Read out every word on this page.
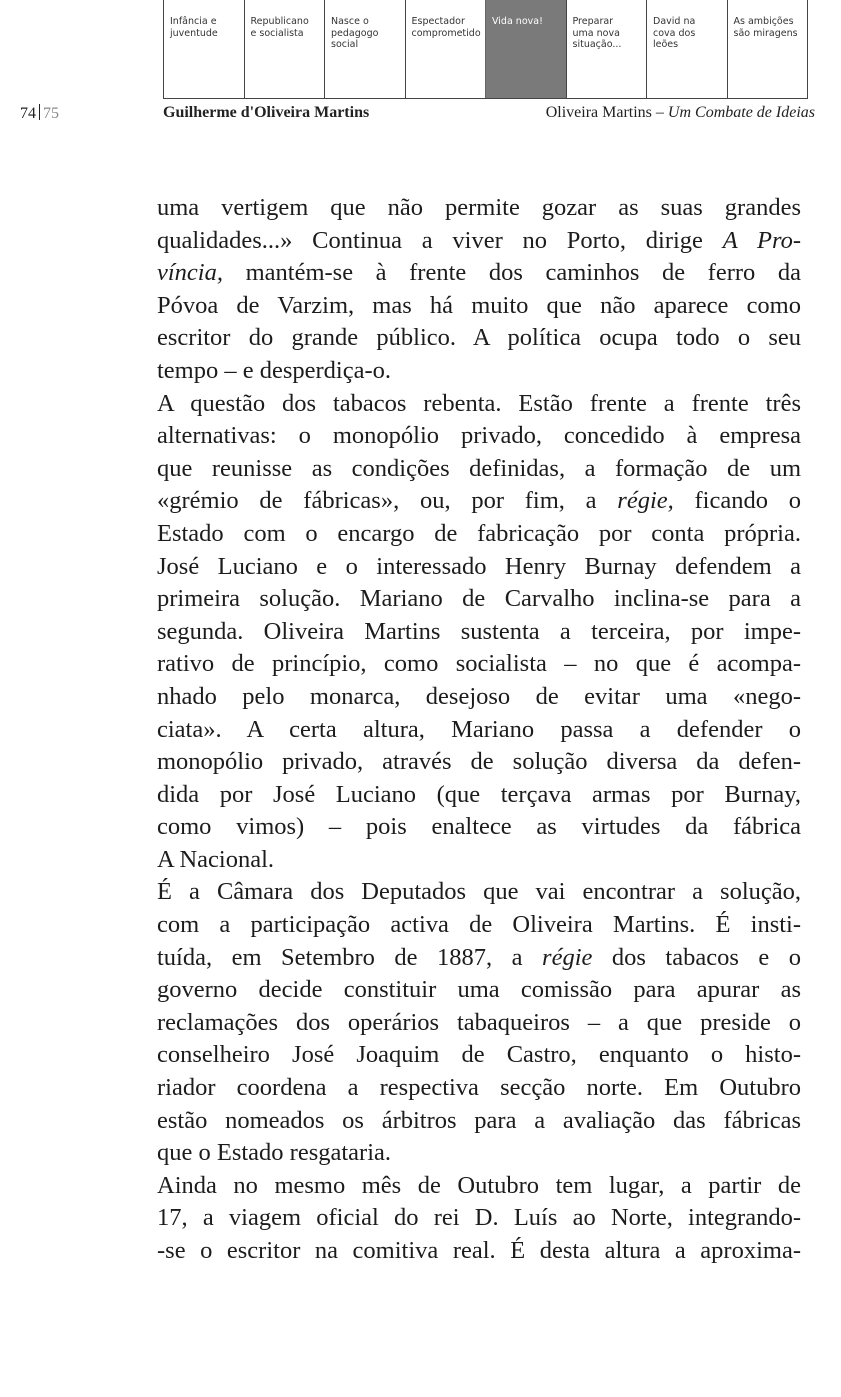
Infância e
juventude
Republicano
e socialista
Nasce o
pedagogo
social
Espectador
comprometido
Vida nova!	Preparar
uma nova
situação...
David na
cova dos
leões
As ambições
são miragens
74 75	Guilherme d'Oliveira Martins	Oliveira Martins – Um Combate de Ideias

uma vertigem que não permite gozar as suas grandes
qualidades...» Continua a viver no Porto, dirige A Pro-
víncia, mantém-se à frente dos caminhos de ferro da
Póvoa de Varzim, mas há muito que não aparece como
escritor do grande público. A política ocupa todo o seu
tempo – e desperdiça-o.

A questão dos tabacos rebenta. Estão frente a frente três
alternativas: o monopólio privado, concedido à empresa
que reunisse as condições definidas, a formação de um
«grémio de fábricas», ou, por fim, a régie, ficando o
Estado com o encargo de fabricação por conta própria.
José Luciano e o interessado Henry Burnay defendem a
primeira solução. Mariano de Carvalho inclina-se para a
segunda. Oliveira Martins sustenta a terceira, por impe-
rativo de princípio, como socialista – no que é acompa-
nhado pelo monarca, desejoso de evitar uma «nego-
ciata». A certa altura, Mariano passa a defender o
monopólio privado, através de solução diversa da defen-
dida por José Luciano (que terçava armas por Burnay,
como vimos) – pois enaltece as virtudes da fábrica
A Nacional.

É a Câmara dos Deputados que vai encontrar a solução,
com a participação activa de Oliveira Martins. É insti-
tuída, em Setembro de 1887, a régie dos tabacos e o
governo decide constituir uma comissão para apurar as
reclamações dos operários tabaqueiros – a que preside o
conselheiro José Joaquim de Castro, enquanto o histo-
riador coordena a respectiva secção norte. Em Outubro
estão nomeados os árbitros para a avaliação das fábricas
que o Estado resgataria.

Ainda no mesmo mês de Outubro tem lugar, a partir de
17, a viagem oficial do rei D. Luís ao Norte, integrando-
-se o escritor na comitiva real. É desta altura a aproxima-
